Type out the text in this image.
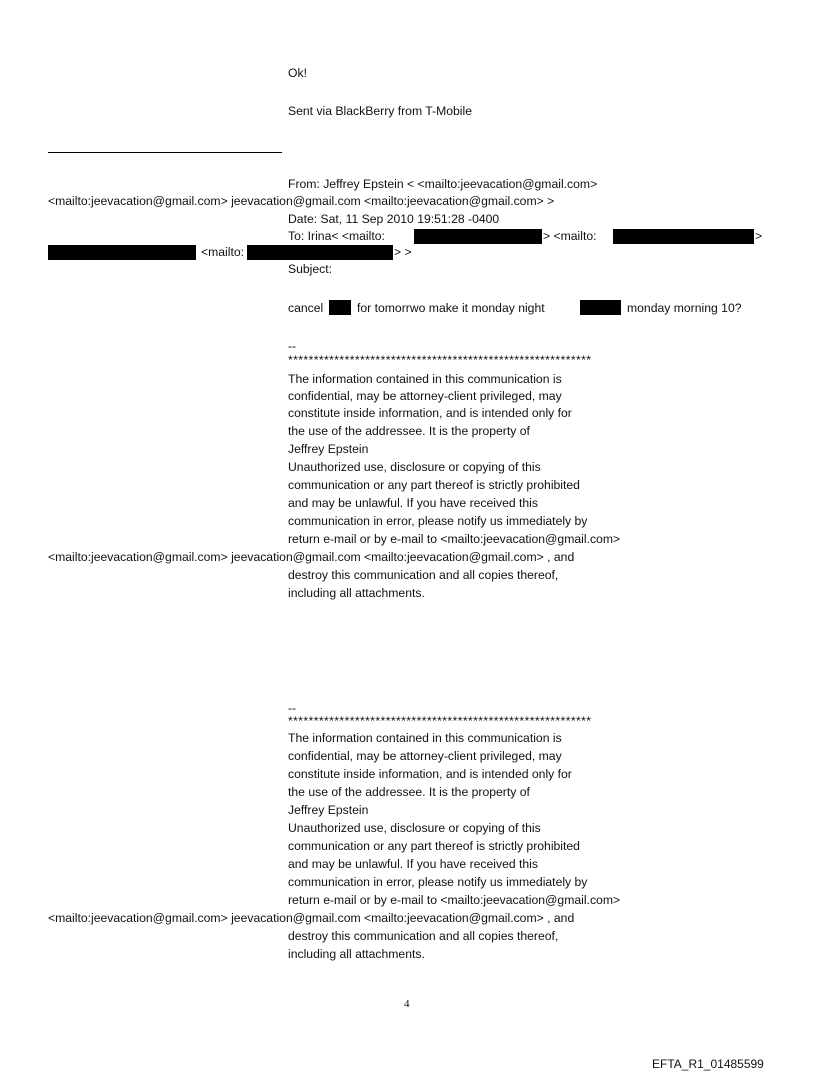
Ok!
Sent via BlackBerry from T-Mobile
From: Jeffrey Epstein < <mailto:jeevacation@gmail.com>
<mailto:jeevacation@gmail.com> jeevacation@gmail.com <mailto:jeevacation@gmail.com> >
Date: Sat, 11 Sep 2010 19:51:28 -0400
To: Irina< <mailto:	> <mailto:	>
<mailto:	> >
Subject:
cancel	for tomorrwo make it monday night	monday morning 10?
--
***********************************************************
The information contained in this communication is
confidential, may be attorney-client privileged, may
constitute inside information, and is intended only for
the use of the addressee. It is the property of
Jeffrey Epstein
Unauthorized use, disclosure or copying of this
communication or any part thereof is strictly prohibited
and may be unlawful. If you have received this
communication in error, please notify us immediately by
return e-mail or by e-mail to <mailto:jeevacation@gmail.com>
<mailto:jeevacation@gmail.com> jeevacation@gmail.com <mailto:jeevacation@gmail.com> , and
destroy this communication and all copies thereof,
including all attachments.
--
***********************************************************
The information contained in this communication is
confidential, may be attorney-client privileged, may
constitute inside information, and is intended only for
the use of the addressee. It is the property of
Jeffrey Epstein
Unauthorized use, disclosure or copying of this
communication or any part thereof is strictly prohibited
and may be unlawful. If you have received this
communication in error, please notify us immediately by
return e-mail or by e-mail to <mailto:jeevacation@gmail.com>
<mailto:jeevacation@gmail.com> jeevacation@gmail.com <mailto:jeevacation@gmail.com> , and
destroy this communication and all copies thereof,
including all attachments.
4
EFTA_R1_01485599
